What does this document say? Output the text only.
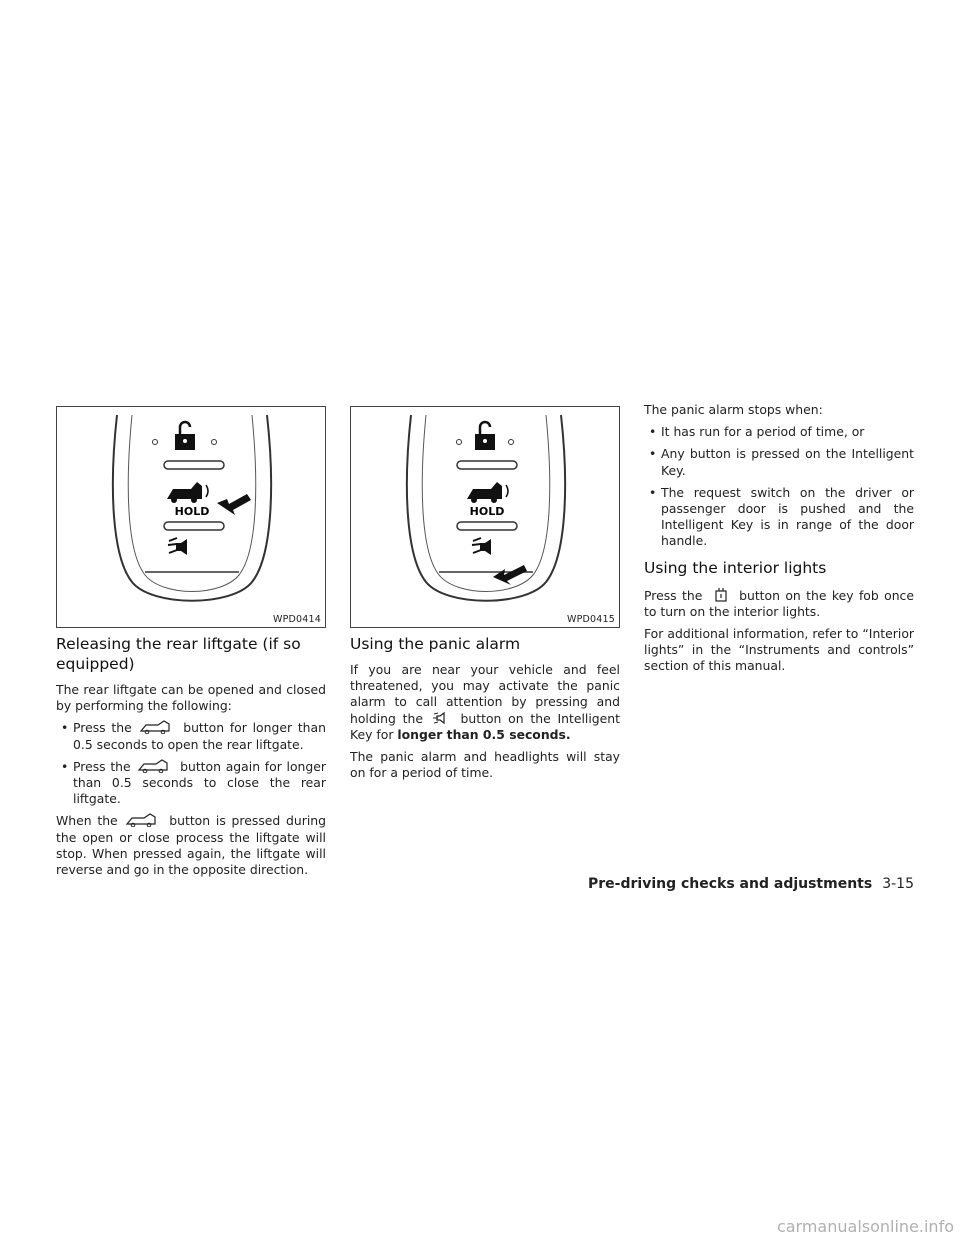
HOLD
WPD0414
HOLD
WPD0415
Releasing the rear liftgate (if so equipped)

The rear liftgate can be opened and closed by performing the following:

• Press the	button for longer than 0.5 seconds to open the rear liftgate.
• Press the	button again for longer than 0.5 seconds to close the rear liftgate.

When the	button is pressed during the open or close process the liftgate will stop. When pressed again, the liftgate will reverse and go in the opposite direction.

Using the panic alarm

If you are near your vehicle and feel threatened, you may activate the panic alarm to call attention by pressing and holding the	button on the Intelligent Key for longer than 0.5 seconds.

The panic alarm and headlights will stay on for a period of time.

The panic alarm stops when:

• It has run for a period of time, or
• Any button is pressed on the Intelligent Key.
• The request switch on the driver or passenger door is pushed and the Intelligent Key is in range of the door handle.
Using the interior lights

Press the	button on the key fob once to turn on the interior lights.

For additional information, refer to “Interior lights” in the “Instruments and controls” section of this manual.

Pre-driving checks and adjustments 3-15
carmanualsonline.info
